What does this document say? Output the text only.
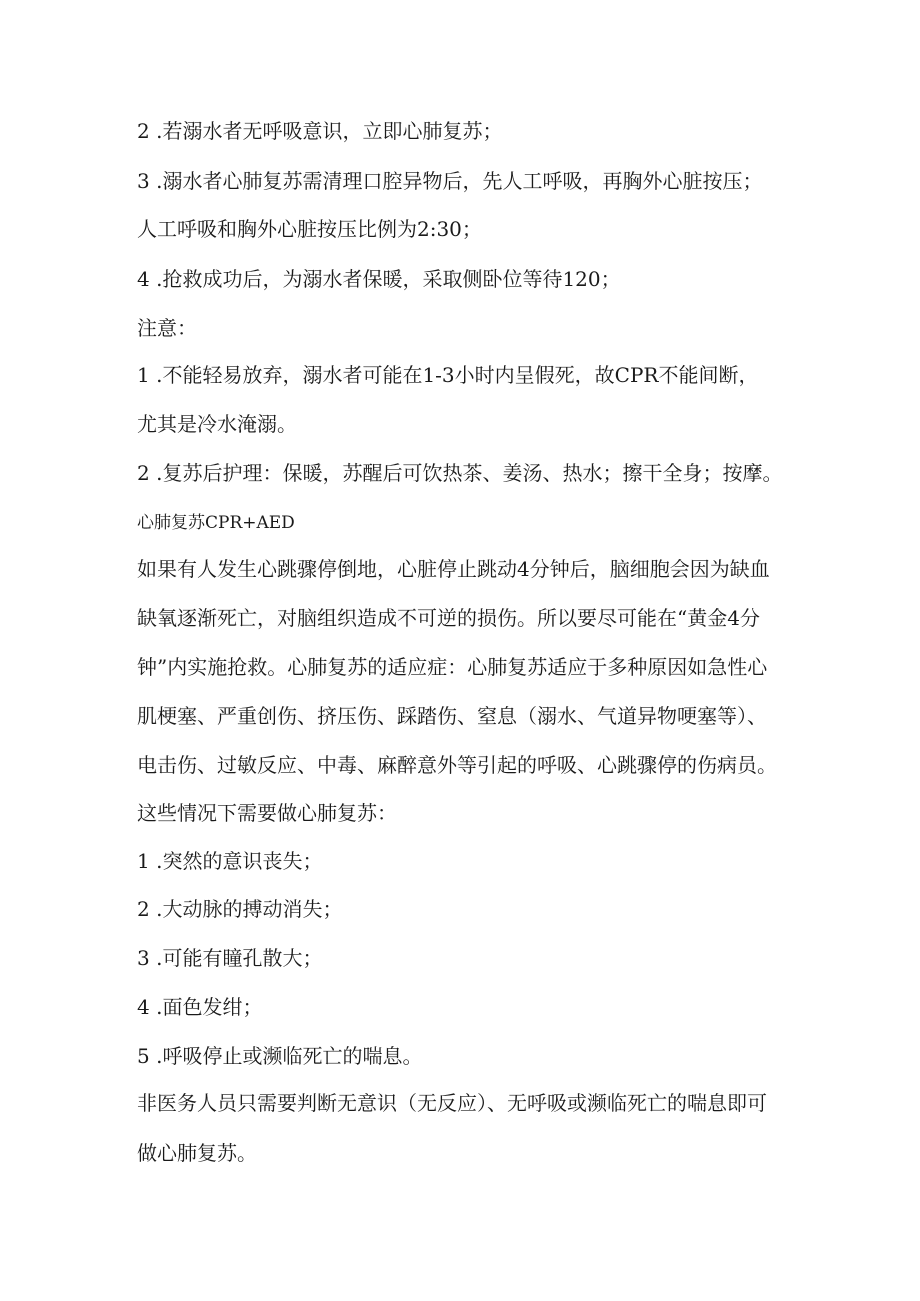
2 .若溺水者无呼吸意识，立即心肺复苏；

3 .溺水者心肺复苏需清理口腔异物后，先人工呼吸，再胸外心脏按压；

人工呼吸和胸外心脏按压比例为2:30；

4 .抢救成功后，为溺水者保暖，采取侧卧位等待120；

注意：

1 .不能轻易放弃，溺水者可能在1-3小时内呈假死，故CPR不能间断，

尤其是冷水淹溺。

2 .复苏后护理：保暖，苏醒后可饮热茶、姜汤、热水；擦干全身；按摩。

心肺复苏CPR+AED

如果有人发生心跳骤停倒地，心脏停止跳动4分钟后，脑细胞会因为缺血

缺氧逐渐死亡，对脑组织造成不可逆的损伤。所以要尽可能在“黄金4分

钟”内实施抢救。心肺复苏的适应症：心肺复苏适应于多种原因如急性心

肌梗塞、严重创伤、挤压伤、踩踏伤、窒息（溺水、气道异物哽塞等）、

电击伤、过敏反应、中毒、麻醉意外等引起的呼吸、心跳骤停的伤病员。

这些情况下需要做心肺复苏：

1 .突然的意识丧失；

2 .大动脉的搏动消失；

3 .可能有瞳孔散大；

4 .面色发绀；

5 .呼吸停止或濒临死亡的喘息。

非医务人员只需要判断无意识（无反应）、无呼吸或濒临死亡的喘息即可

做心肺复苏。
